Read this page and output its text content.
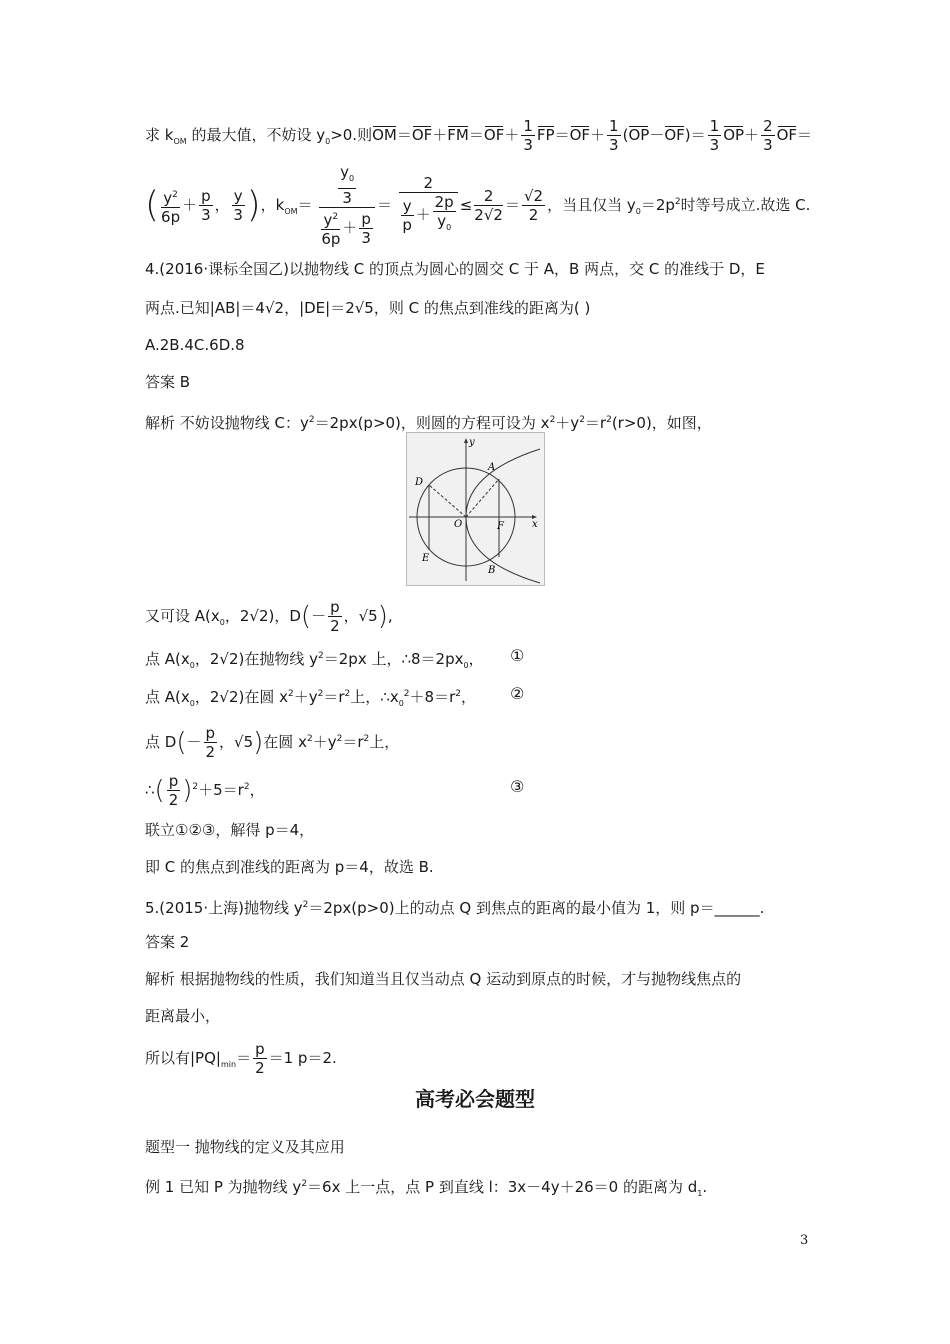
求 $k_{OM}$ 的最大值，不妨设 $y_0>0$.则$OM=OF+FM=OF+ \frac{1}{3} FP=OF+ \frac{1}{3} (OP-OF)= \frac{1}{3} OP+ \frac{2}{3} OF=$
( $\frac{y^2}{6p} + \frac{p}{3}$ ， $\frac{y}{3}$ )，$k_{OM}= \frac{\frac{y_0}{3}}{\frac{y^2}{6p} + \frac{p}{3}} = \frac{2}{\frac{y}{p} + \frac{2p}{y_0}} \le \frac{2}{2√2} = \frac{√2}{2}$ ，当且仅当 $y_0=2p^2$时等号成立.故选 C.
4.(2016·课标全国乙)以抛物线 C 的顶点为圆心的圆交 C 于 A，B 两点，交 C 的准线于 D，E
两点.已知|AB|＝4√2，|DE|＝2√5，则 C 的焦点到准线的距离为( )
A.2B.4C.6D.8
答案 B
解析 不妨设抛物线 C：$y^2=2px(p>0)$，则圆的方程可设为 $x^2+y^2=r^2(r>0)$，如图，
y
x
A
B
D
E
F
O
又可设 $A(x_0$，2√2)，$D(- \frac{p}{2}$ ，√5),
点 $A(x_0$，2√2)在抛物线 $y^2=2px$ 上，$\therefore 8=2px_0$， ①
点 $A(x_0$，2√2)在圆 $x^2+y^2=r^2$上，$\therefore x_0^2+8=r^2$， ②
点 $D(- \frac{p}{2}$ ，√5)在圆 $x^2+y^2=r^2$上，
∴( $\frac{p}{2} )^2+5=r^2$，	③
联立①②③，解得 p＝4，
即 C 的焦点到准线的距离为 p＝4，故选 B.
5.(2015·上海)抛物线 $y^2=2px(p>0)$上的动点 Q 到焦点的距离的最小值为 1，则 p＝______.
答案 2
解析 根据抛物线的性质，我们知道当且仅当动点 Q 运动到原点的时候，才与抛物线焦点的
距离最小，
所以有$|PQ|_{min}= \frac{p}{2} =1$ p＝2.
高考必会题型
题型一 抛物线的定义及其应用
例 1 已知 P 为抛物线 $y^2=6x$ 上一点，点 P 到直线 l：3x－4y＋26＝0 的距离为 $d_1$.
3
